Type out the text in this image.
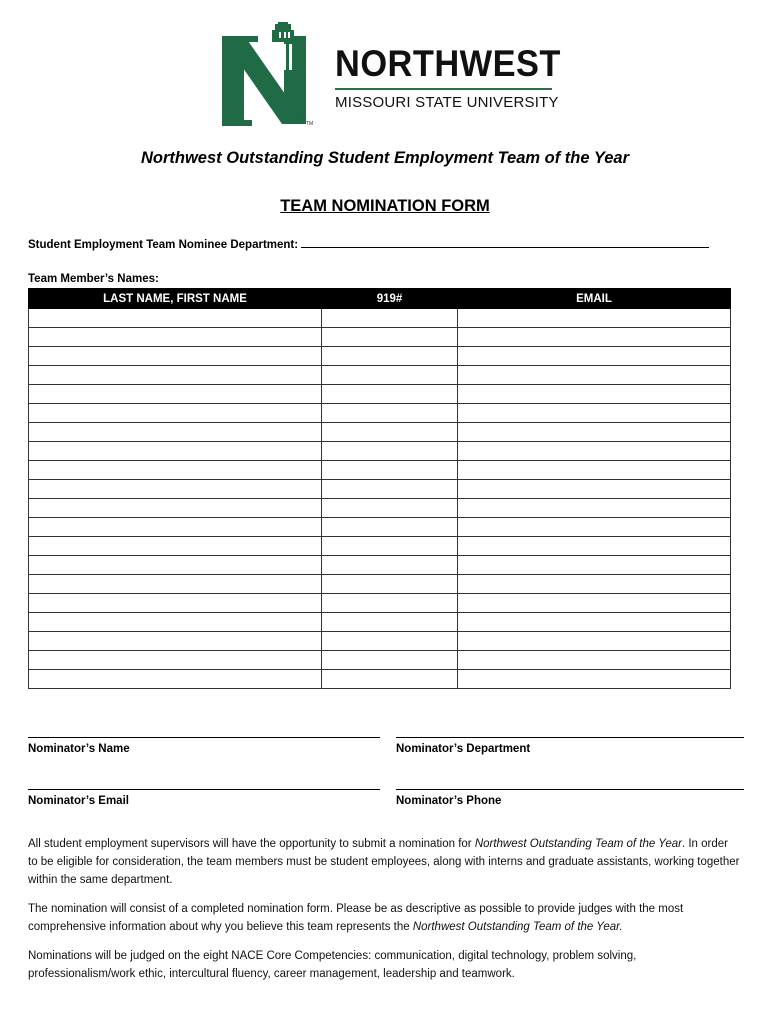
TM
NORTHWEST
MISSOURI STATE UNIVERSITY
Northwest Outstanding Student Employment Team of the Year
TEAM NOMINATION FORM
Student Employment Team Nominee Department:
Team Member’s Names:
LAST NAME, FIRST NAME	919#	EMAIL

Nominator’s Name	Nominator’s Department
Nominator’s Email	Nominator’s Phone
All student employment supervisors will have the opportunity to submit a nomination for Northwest Outstanding Team of the Year. In order to be eligible for consideration, the team members must be student employees, along with interns and graduate assistants, working together within the same department.
The nomination will consist of a completed nomination form. Please be as descriptive as possible to provide judges with the most comprehensive information about why you believe this team represents the Northwest Outstanding Team of the Year.
Nominations will be judged on the eight NACE Core Competencies: communication, digital technology, problem solving, professionalism/work ethic, intercultural fluency, career management, leadership and teamwork.
